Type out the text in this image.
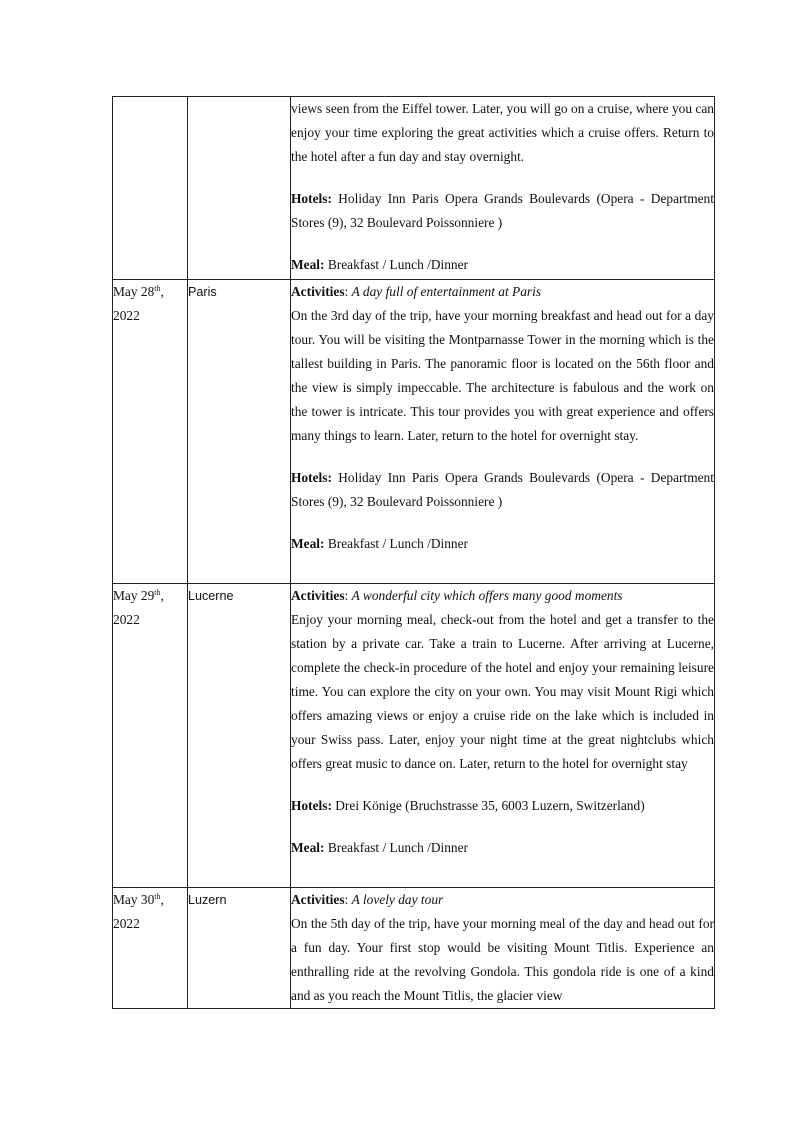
		views seen from the Eiffel tower. Later, you will go on a cruise, where you can enjoy your time exploring the great activities which a cruise offers. Return to the hotel after a fun day and stay overnight.

Hotels: Holiday Inn Paris Opera Grands Boulevards (Opera - Department Stores (9), 32 Boulevard Poissonniere )

Meal: Breakfast / Lunch /Dinner

May 28th, 2022	Paris	Activities: A day full of entertainment at Paris

On the 3rd day of the trip, have your morning breakfast and head out for a day tour. You will be visiting the Montparnasse Tower in the morning which is the tallest building in Paris. The panoramic floor is located on the 56th floor and the view is simply impeccable. The architecture is fabulous and the work on the tower is intricate. This tour provides you with great experience and offers many things to learn. Later, return to the hotel for overnight stay.

Hotels: Holiday Inn Paris Opera Grands Boulevards (Opera - Department Stores (9), 32 Boulevard Poissonniere )

Meal: Breakfast / Lunch /Dinner

May 29th, 2022	Lucerne	Activities: A wonderful city which offers many good moments

Enjoy your morning meal, check-out from the hotel and get a transfer to the station by a private car. Take a train to Lucerne. After arriving at Lucerne, complete the check-in procedure of the hotel and enjoy your remaining leisure time. You can explore the city on your own. You may visit Mount Rigi which offers amazing views or enjoy a cruise ride on the lake which is included in your Swiss pass. Later, enjoy your night time at the great nightclubs which offers great music to dance on. Later, return to the hotel for overnight stay

Hotels: Drei Könige (Bruchstrasse 35, 6003 Luzern, Switzerland)

Meal: Breakfast / Lunch /Dinner

May 30th, 2022	Luzern	Activities: A lovely day tour

On the 5th day of the trip, have your morning meal of the day and head out for a fun day. Your first stop would be visiting Mount Titlis. Experience an enthralling ride at the revolving Gondola. This gondola ride is one of a kind and as you reach the Mount Titlis, the glacier view
